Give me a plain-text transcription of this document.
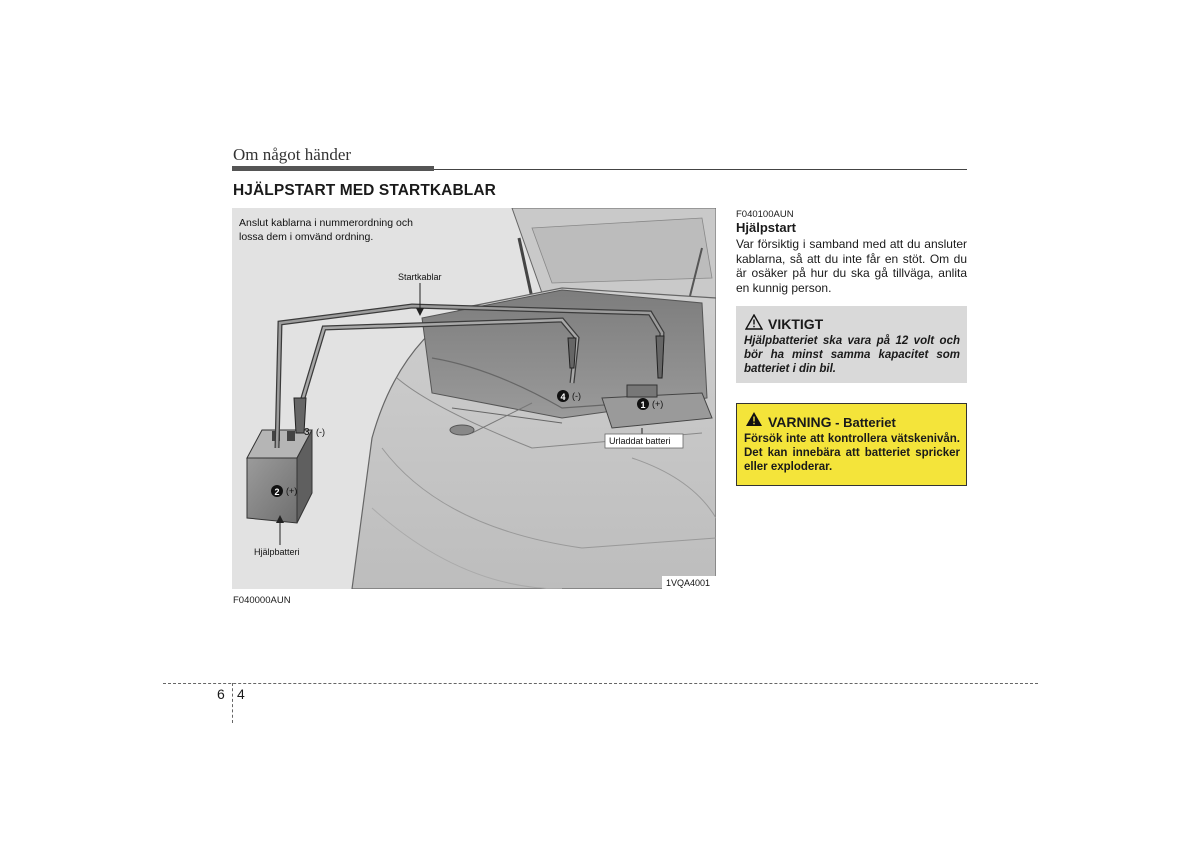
Om något händer
HJÄLPSTART MED STARTKABLAR
4 (-)
1 (+)
3 (-)
2 (+)
Anslut kablarna i nummerordning och
lossa dem i omvänd ordning.
Startkablar
Urladdat batteri
Hjälpbatteri
1VQA4001
F040000AUN
F040100AUN
Hjälpstart
Var försiktig i samband med att du ansluter kablarna, så att du inte får en stöt. Om du är osäker på hur du ska gå tillväga, anlita en kunnig person.
VIKTIGT
Hjälpbatteriet ska vara på 12 volt och bör ha minst samma kapacitet som batteriet i din bil.
VARNING - Batteriet
Försök inte att kontrollera vätskenivån. Det kan innebära att batteriet spricker eller exploderar.
6 4
